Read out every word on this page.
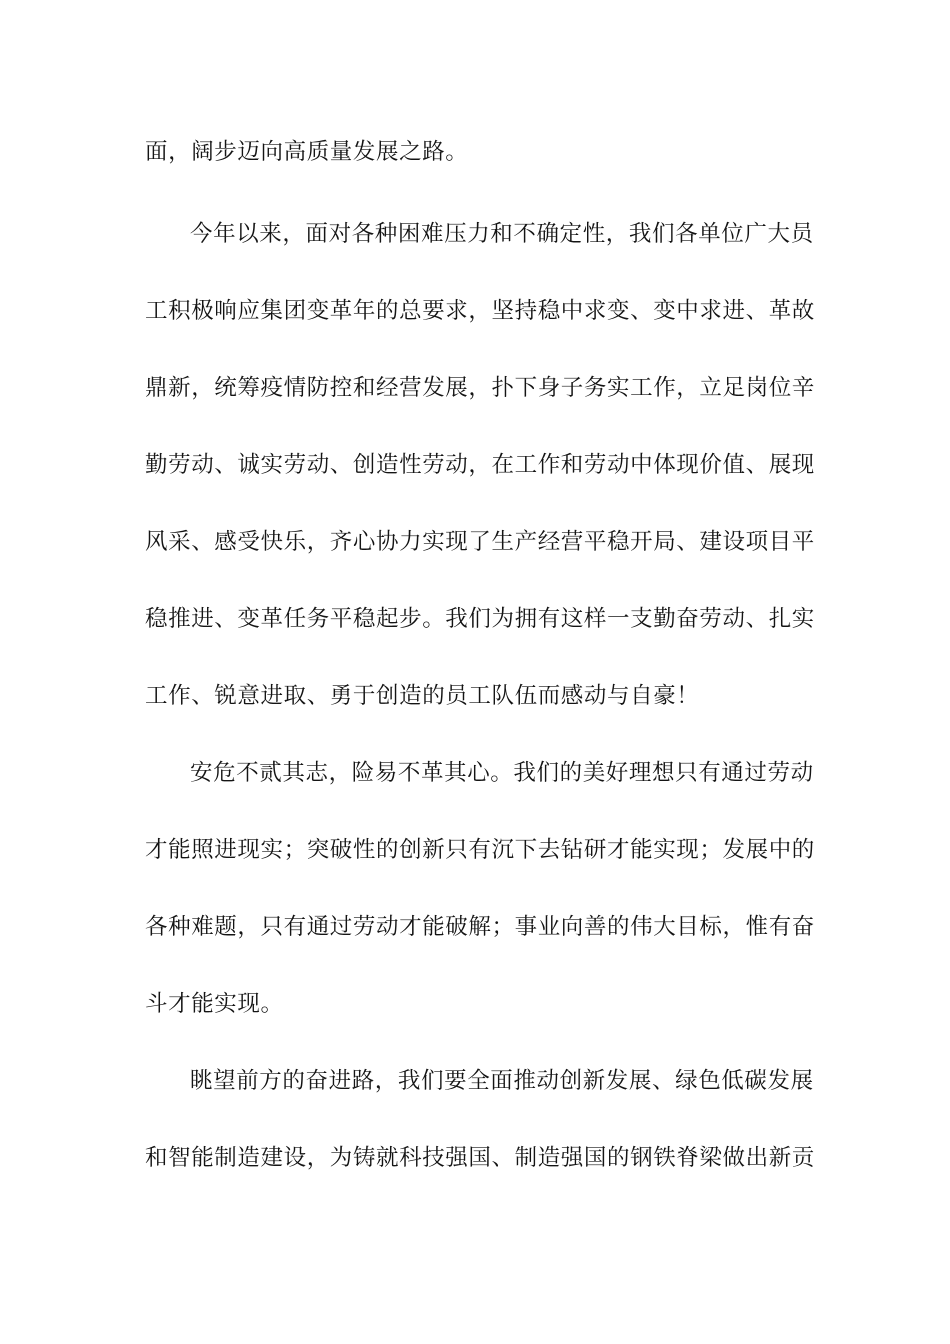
面，阔步迈向高质量发展之路。
今年以来，面对各种困难压力和不确定性，我们各单位广大员
工积极响应集团变革年的总要求，坚持稳中求变、变中求进、革故
鼎新，统筹疫情防控和经营发展，扑下身子务实工作，立足岗位辛
勤劳动、诚实劳动、创造性劳动，在工作和劳动中体现价值、展现
风采、感受快乐，齐心协力实现了生产经营平稳开局、建设项目平
稳推进、变革任务平稳起步。我们为拥有这样一支勤奋劳动、扎实
工作、锐意进取、勇于创造的员工队伍而感动与自豪！
安危不贰其志，险易不革其心。我们的美好理想只有通过劳动
才能照进现实；突破性的创新只有沉下去钻研才能实现；发展中的
各种难题，只有通过劳动才能破解；事业向善的伟大目标，惟有奋
斗才能实现。
眺望前方的奋进路，我们要全面推动创新发展、绿色低碳发展
和智能制造建设，为铸就科技强国、制造强国的钢铁脊梁做出新贡
